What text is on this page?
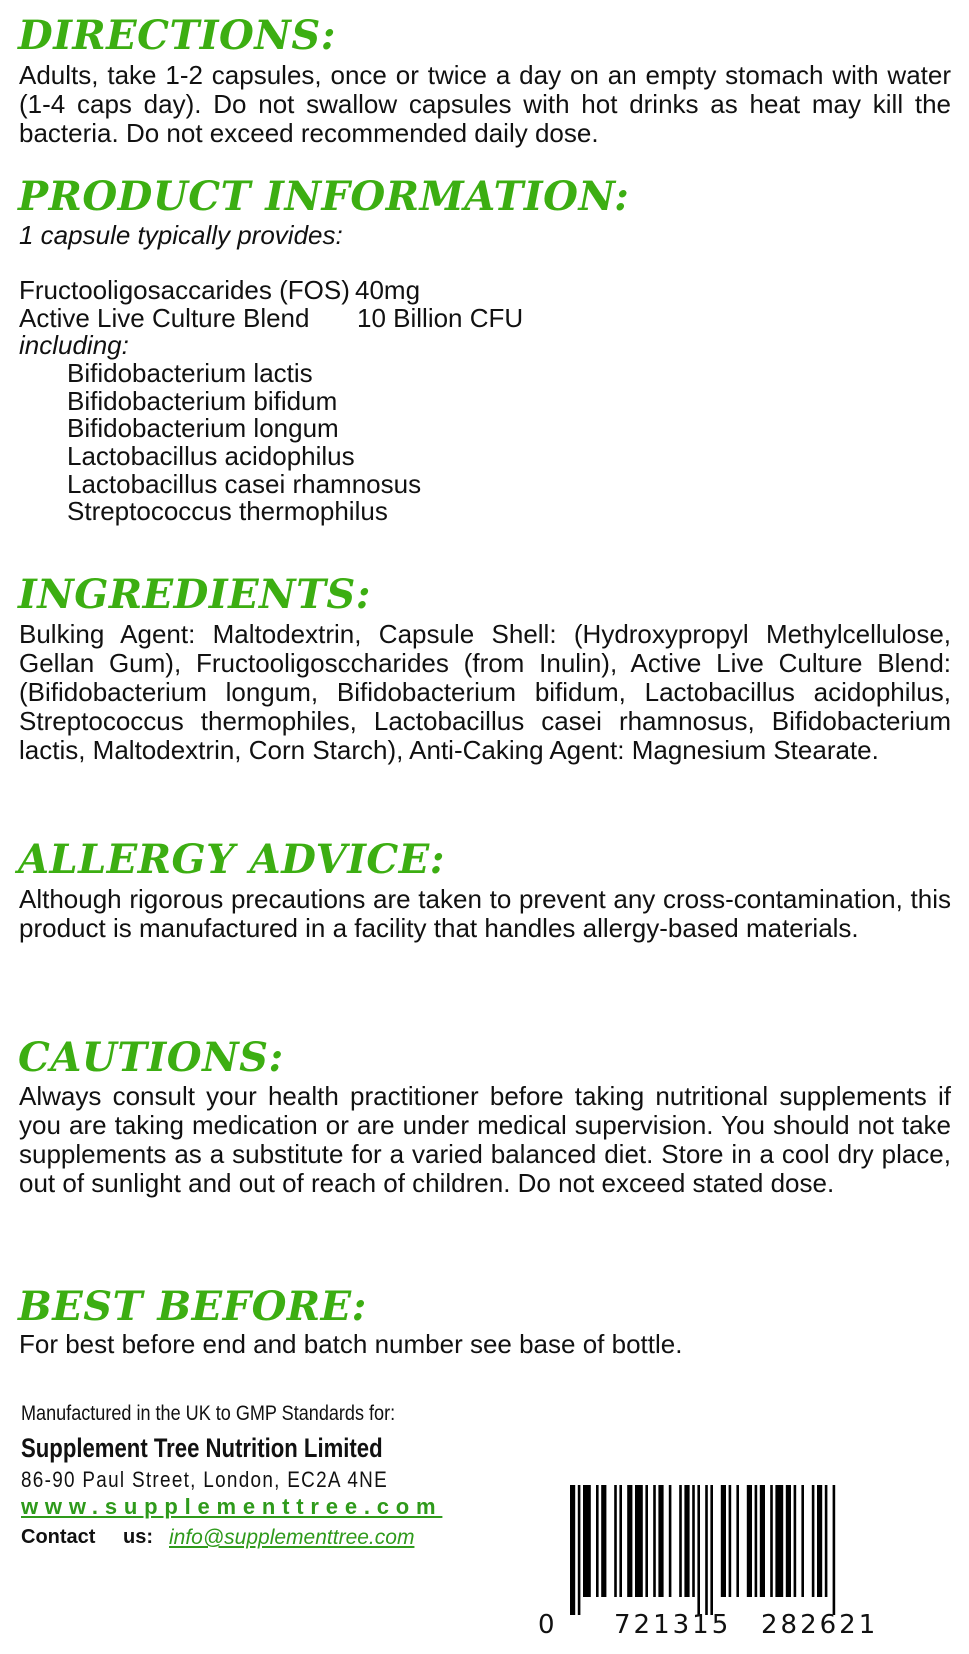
DIRECTIONS:

Adults, take 1-2 capsules, once or twice a day on an empty stomach with water (1-4 caps day). Do not swallow capsules with hot drinks as heat may kill the bacteria. Do not exceed recommended daily dose.

PRODUCT INFORMATION:
1 capsule typically provides:
Fructooligosaccarides (FOS) 40mg
Active Live Culture Blend 10 Billion CFU
including:
Bifidobacterium lactis
Bifidobacterium bifidum
Bifidobacterium longum
Lactobacillus acidophilus
Lactobacillus casei rhamnosus
Streptococcus thermophilus
INGREDIENTS:

Bulking Agent: Maltodextrin, Capsule Shell: (Hydroxypropyl Methylcellulose, Gellan Gum), Fructooligosccharides (from Inulin), Active Live Culture Blend: (Bifidobacterium longum, Bifidobacterium bifidum, Lactobacillus acidophilus, Streptococcus thermophiles, Lactobacillus casei rhamnosus, Bifidobacterium lactis, Maltodextrin, Corn Starch), Anti-Caking Agent: Magnesium Stearate.

ALLERGY ADVICE:

Although rigorous precautions are taken to prevent any cross-contamination, this product is manufactured in a facility that handles allergy-based materials.

CAUTIONS:

Always consult your health practitioner before taking nutritional supplements if you are taking medication or are under medical supervision. You should not take supplements as a substitute for a varied balanced diet. Store in a cool dry place, out of sunlight and out of reach of children. Do not exceed stated dose.

BEST BEFORE:

For best before end and batch number see base of bottle.

Manufactured in the UK to GMP Standards for:
Supplement Tree Nutrition Limited
86-90 Paul Street, London, EC2A 4NE
www.supplementtree.com
Contact us: info@supplementtree.com
0 721315 282621
